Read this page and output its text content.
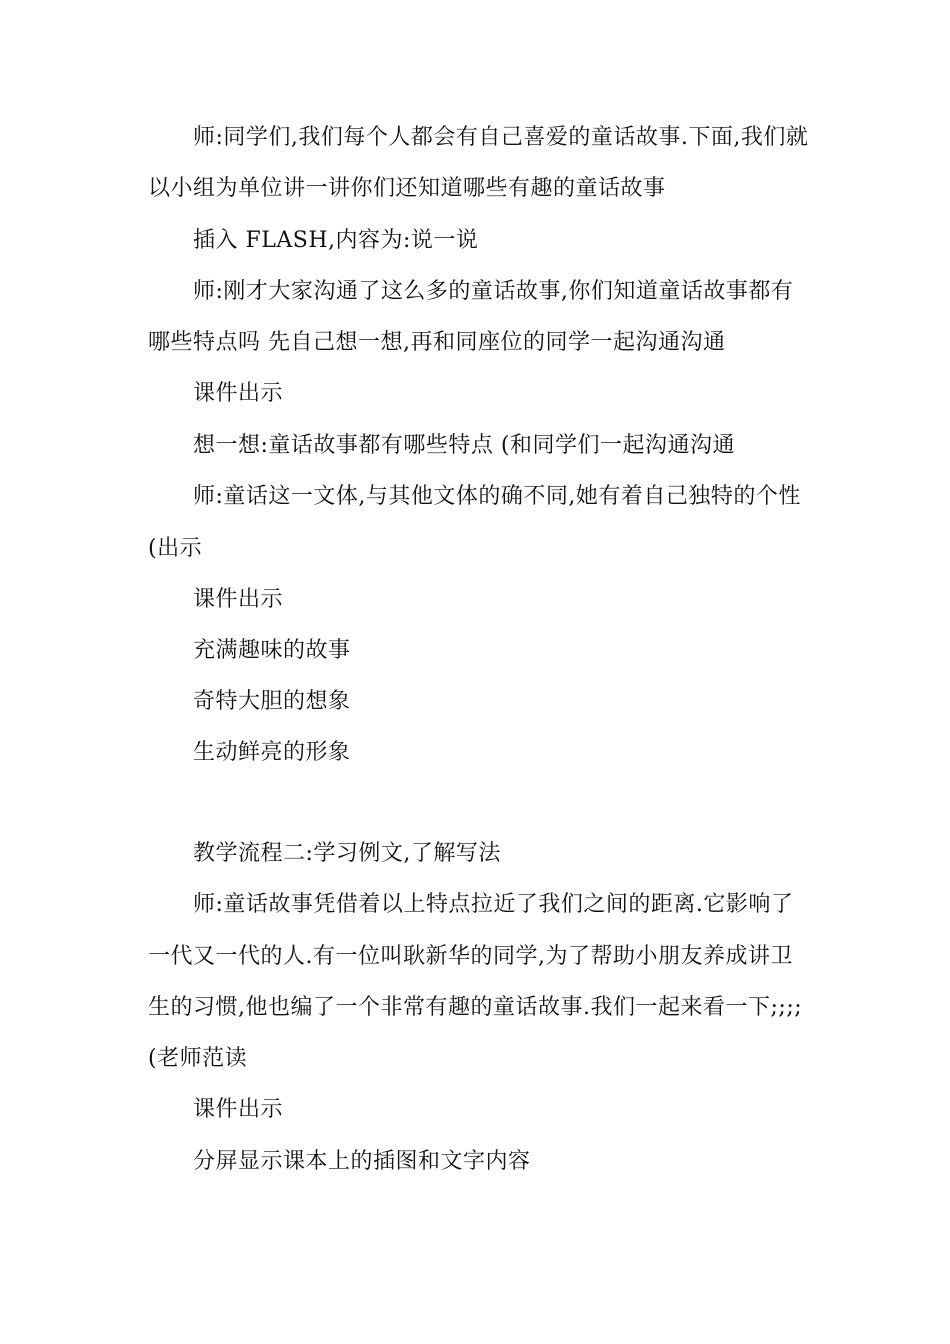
师:同学们,我们每个人都会有自己喜爱的童话故事.下面,我们就
以小组为单位讲一讲你们还知道哪些有趣的童话故事
插入 FLASH,内容为:说一说
师:刚才大家沟通了这么多的童话故事,你们知道童话故事都有
哪些特点吗 先自己想一想,再和同座位的同学一起沟通沟通
课件出示
想一想:童话故事都有哪些特点 (和同学们一起沟通沟通
师:童话这一文体,与其他文体的确不同,她有着自己独特的个性
(出示
课件出示
充满趣味的故事
奇特大胆的想象
生动鲜亮的形象
教学流程二:学习例文,了解写法
师:童话故事凭借着以上特点拉近了我们之间的距离.它影响了
一代又一代的人.有一位叫耿新华的同学,为了帮助小朋友养成讲卫
生的习惯,他也编了一个非常有趣的童话故事.我们一起来看一下;;;;
(老师范读
课件出示
分屏显示课本上的插图和文字内容
